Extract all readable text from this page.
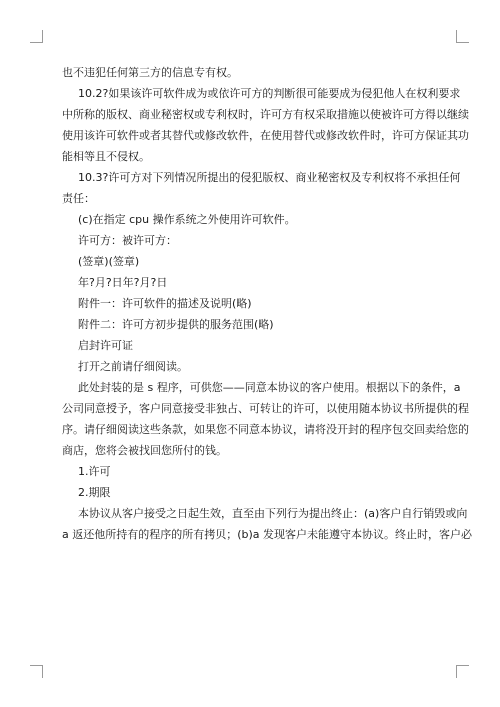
也不违犯任何第三方的信息专有权。

10.2?如果该许可软件成为或依许可方的判断很可能要成为侵犯他人在权利要求

中所称的版权、商业秘密权或专利权时，许可方有权采取措施以使被许可方得以继续

使用该许可软件或者其替代或修改软件，在使用替代或修改软件时，许可方保证其功

能相等且不侵权。

10.3?许可方对下列情况所提出的侵犯版权、商业秘密权及专利权将不承担任何

责任：

(c)在指定 cpu 操作系统之外使用许可软件。

许可方：被许可方：

(签章)(签章)

年?月?日年?月?日

附件一：许可软件的描述及说明(略)

附件二：许可方初步提供的服务范围(略)

启封许可证

打开之前请仔细阅读。

此处封装的是 s 程序，可供您——同意本协议的客户使用。根据以下的条件，a

公司同意授予，客户同意接受非独占、可转让的许可，以使用随本协议书所提供的程

序。请仔细阅读这些条款，如果您不同意本协议，请将没开封的程序包交回卖给您的

商店，您将会被找回您所付的钱。

1.许可

2.期限

本协议从客户接受之日起生效，直至由下列行为提出终止：(a)客户自行销毁或向

a 返还他所持有的程序的所有拷贝；(b)a 发现客户未能遵守本协议。终止时，客户必
